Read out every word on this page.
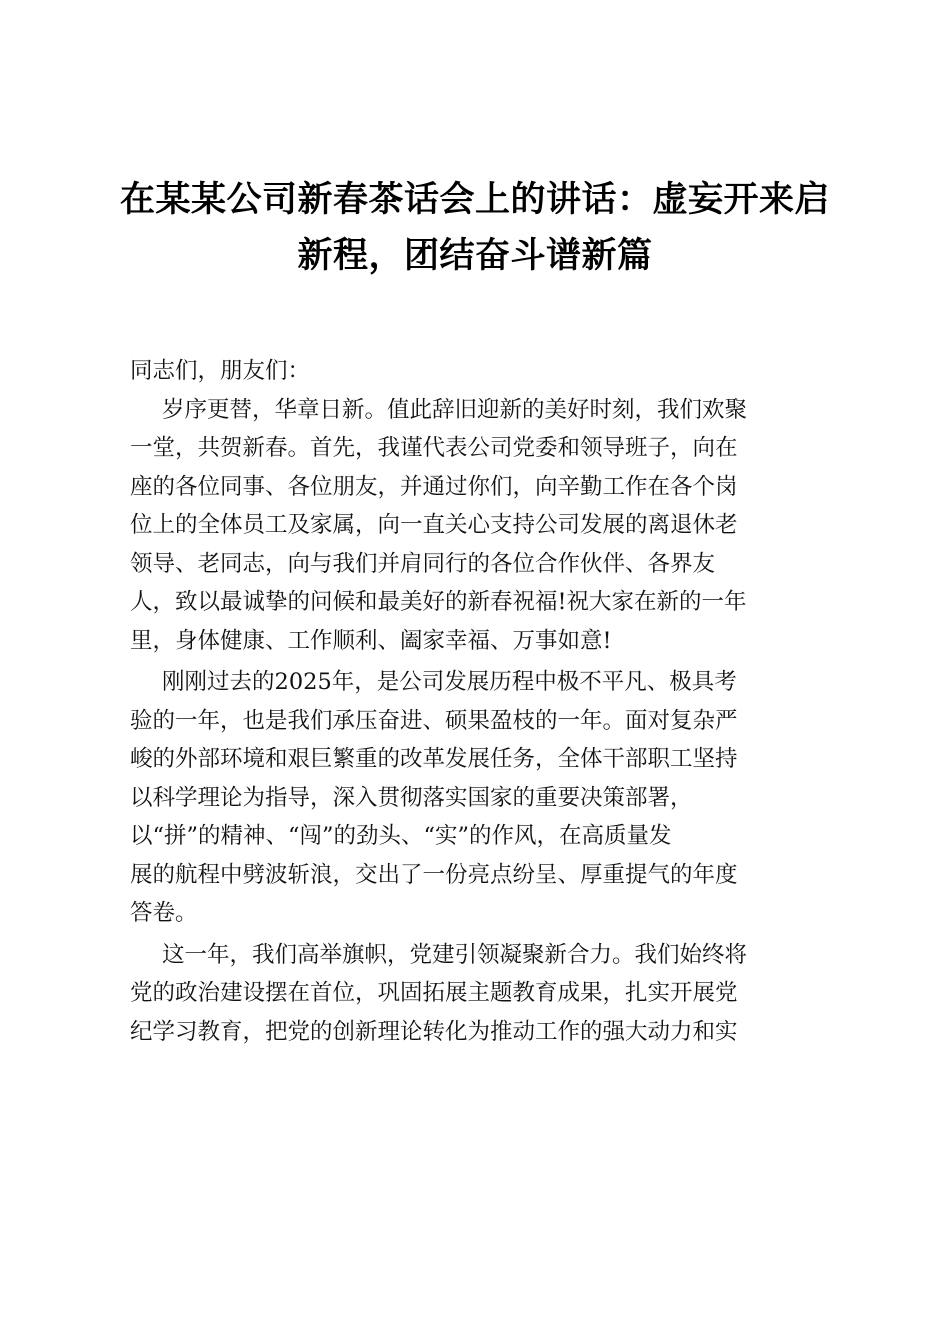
在某某公司新春茶话会上的讲话：虚妄开来启
新程，团结奋斗谱新篇
同志们，朋友们：
岁序更替，华章日新。值此辞旧迎新的美好时刻，我们欢聚
一堂，共贺新春。首先，我谨代表公司党委和领导班子，向在
座的各位同事、各位朋友，并通过你们，向辛勤工作在各个岗
位上的全体员工及家属，向一直关心支持公司发展的离退休老
领导、老同志，向与我们并肩同行的各位合作伙伴、各界友
人，致以最诚挚的问候和最美好的新春祝福!祝大家在新的一年
里，身体健康、工作顺利、阖家幸福、万事如意!
刚刚过去的2025年，是公司发展历程中极不平凡、极具考
验的一年，也是我们承压奋进、硕果盈枝的一年。面对复杂严
峻的外部环境和艰巨繁重的改革发展任务，全体干部职工坚持
以科学理论为指导，深入贯彻落实国家的重要决策部署，
以“拼”的精神、“闯”的劲头、“实”的作风，在高质量发
展的航程中劈波斩浪，交出了一份亮点纷呈、厚重提气的年度
答卷。
这一年，我们高举旗帜，党建引领凝聚新合力。我们始终将
党的政治建设摆在首位，巩固拓展主题教育成果，扎实开展党
纪学习教育，把党的创新理论转化为推动工作的强大动力和实
